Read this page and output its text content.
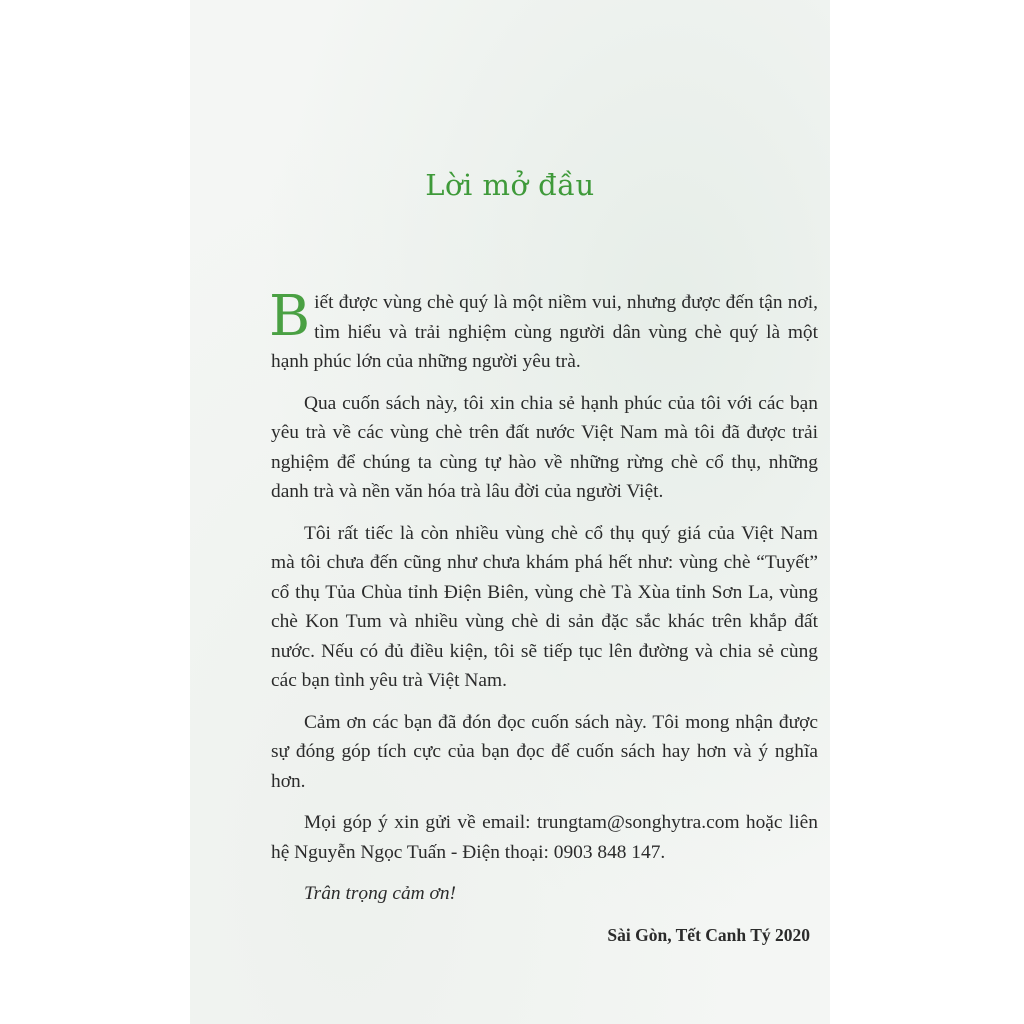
Lời mở đầu

Biết được vùng chè quý là một niềm vui, nhưng được đến tận nơi, tìm hiểu và trải nghiệm cùng người dân vùng chè quý là một hạnh phúc lớn của những người yêu trà.

Qua cuốn sách này, tôi xin chia sẻ hạnh phúc của tôi với các bạn yêu trà về các vùng chè trên đất nước Việt Nam mà tôi đã được trải nghiệm để chúng ta cùng tự hào về những rừng chè cổ thụ, những danh trà và nền văn hóa trà lâu đời của người Việt.

Tôi rất tiếc là còn nhiều vùng chè cổ thụ quý giá của Việt Nam mà tôi chưa đến cũng như chưa khám phá hết như: vùng chè “Tuyết” cổ thụ Tủa Chùa tỉnh Điện Biên, vùng chè Tà Xùa tỉnh Sơn La, vùng chè Kon Tum và nhiều vùng chè di sản đặc sắc khác trên khắp đất nước. Nếu có đủ điều kiện, tôi sẽ tiếp tục lên đường và chia sẻ cùng các bạn tình yêu trà Việt Nam.

Cảm ơn các bạn đã đón đọc cuốn sách này. Tôi mong nhận được sự đóng góp tích cực của bạn đọc để cuốn sách hay hơn và ý nghĩa hơn.

Mọi góp ý xin gửi về email: trungtam@songhytra.com hoặc liên hệ Nguyễn Ngọc Tuấn - Điện thoại: 0903 848 147.

Trân trọng cảm ơn!

Sài Gòn, Tết Canh Tý 2020
